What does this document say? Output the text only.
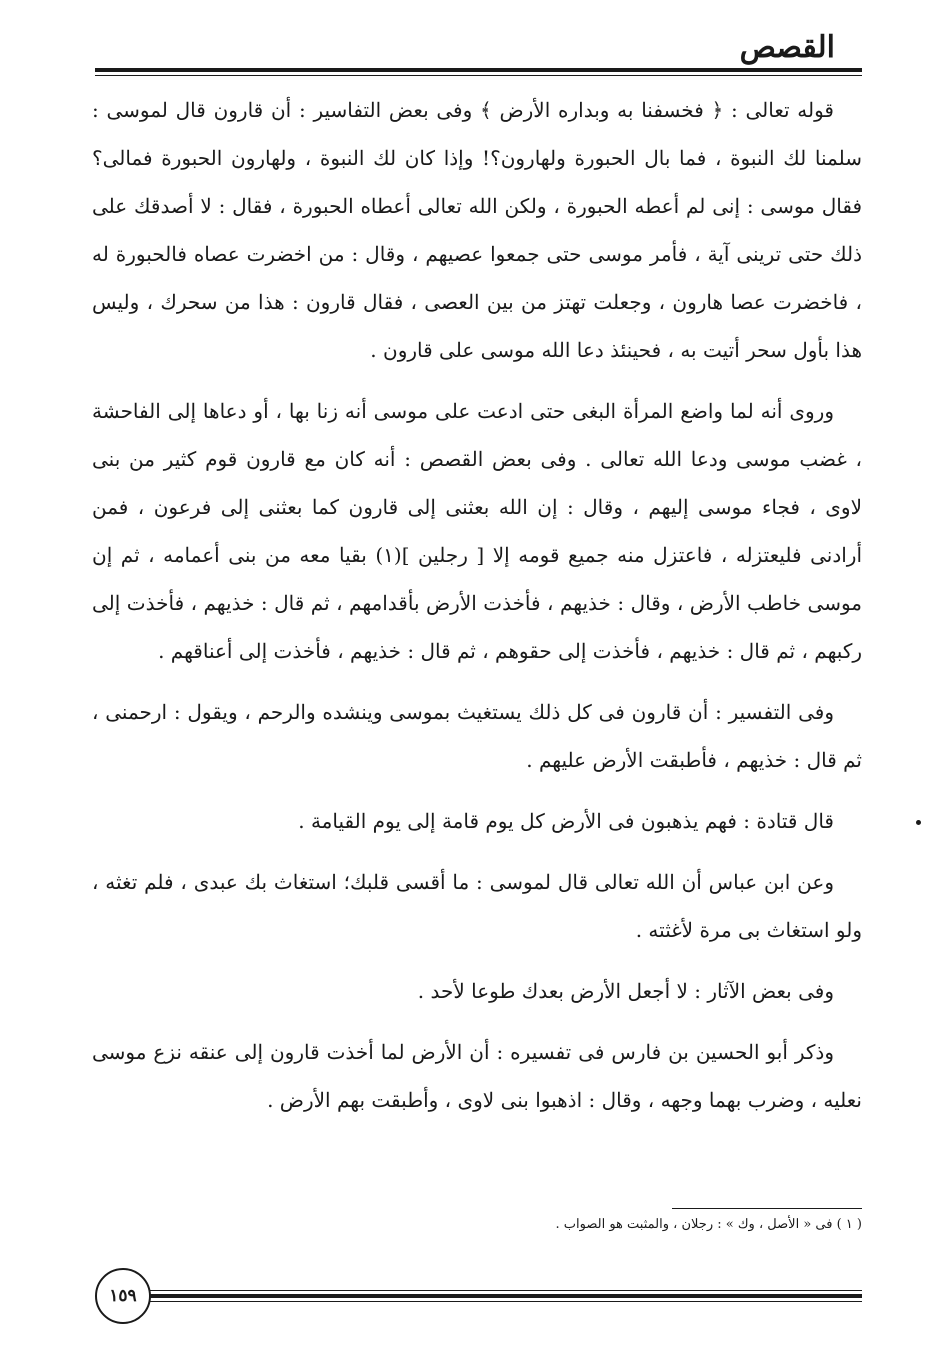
القصص

قوله تعالى : ﴿ فخسفنا به وبداره الأرض ﴾ وفى بعض التفاسير : أن قارون قال لموسى : سلمنا لك النبوة ، فما بال الحبورة ولهارون؟! وإذا كان لك النبوة ، ولهارون الحبورة فمالى؟ فقال موسى : إنى لم أعطه الحبورة ، ولكن الله تعالى أعطاه الحبورة ، فقال : لا أصدقك على ذلك حتى ترينى آية ، فأمر موسى حتى جمعوا عصيهم ، وقال : من اخضرت عصاه فالحبورة له ، فاخضرت عصا هارون ، وجعلت تهتز من بين العصى ، فقال قارون : هذا من سحرك ، وليس هذا بأول سحر أتيت به ، فحينئذ دعا الله موسى على قارون .

وروى أنه لما واضع المرأة البغى حتى ادعت على موسى أنه زنا بها ، أو دعاها إلى الفاحشة ، غضب موسى ودعا الله تعالى . وفى بعض القصص : أنه كان مع قارون قوم كثير من بنى لاوى ، فجاء موسى إليهم ، وقال : إن الله بعثنى إلى قارون كما بعثنى إلى فرعون ، فمن أرادنى فليعتزله ، فاعتزل منه جميع قومه إلا [ رجلين ](١) بقيا معه من بنى أعمامه ، ثم إن موسى خاطب الأرض ، وقال : خذيهم ، فأخذت الأرض بأقدامهم ، ثم قال : خذيهم ، فأخذت إلى ركبهم ، ثم قال : خذيهم ، فأخذت إلى حقوهم ، ثم قال : خذيهم ، فأخذت إلى أعناقهم .

وفى التفسير : أن قارون فى كل ذلك يستغيث بموسى وينشده والرحم ، ويقول : ارحمنى ، ثم قال : خذيهم ، فأطبقت الأرض عليهم .

قال قتادة : فهم يذهبون فى الأرض كل يوم قامة إلى يوم القيامة .

وعن ابن عباس أن الله تعالى قال لموسى : ما أقسى قلبك؛ استغاث بك عبدى ، فلم تغثه ، ولو استغاث بى مرة لأغثته .

وفى بعض الآثار : لا أجعل الأرض بعدك طوعا لأحد .

وذكر أبو الحسين بن فارس فى تفسيره : أن الأرض لما أخذت قارون إلى عنقه نزع موسى نعليه ، وضرب بهما وجهه ، وقال : اذهبوا بنى لاوى ، وأطبقت بهم الأرض .

( ١ ) فى « الأصل ، وك » : رجلان ، والمثبت هو الصواب .
١٥٩
